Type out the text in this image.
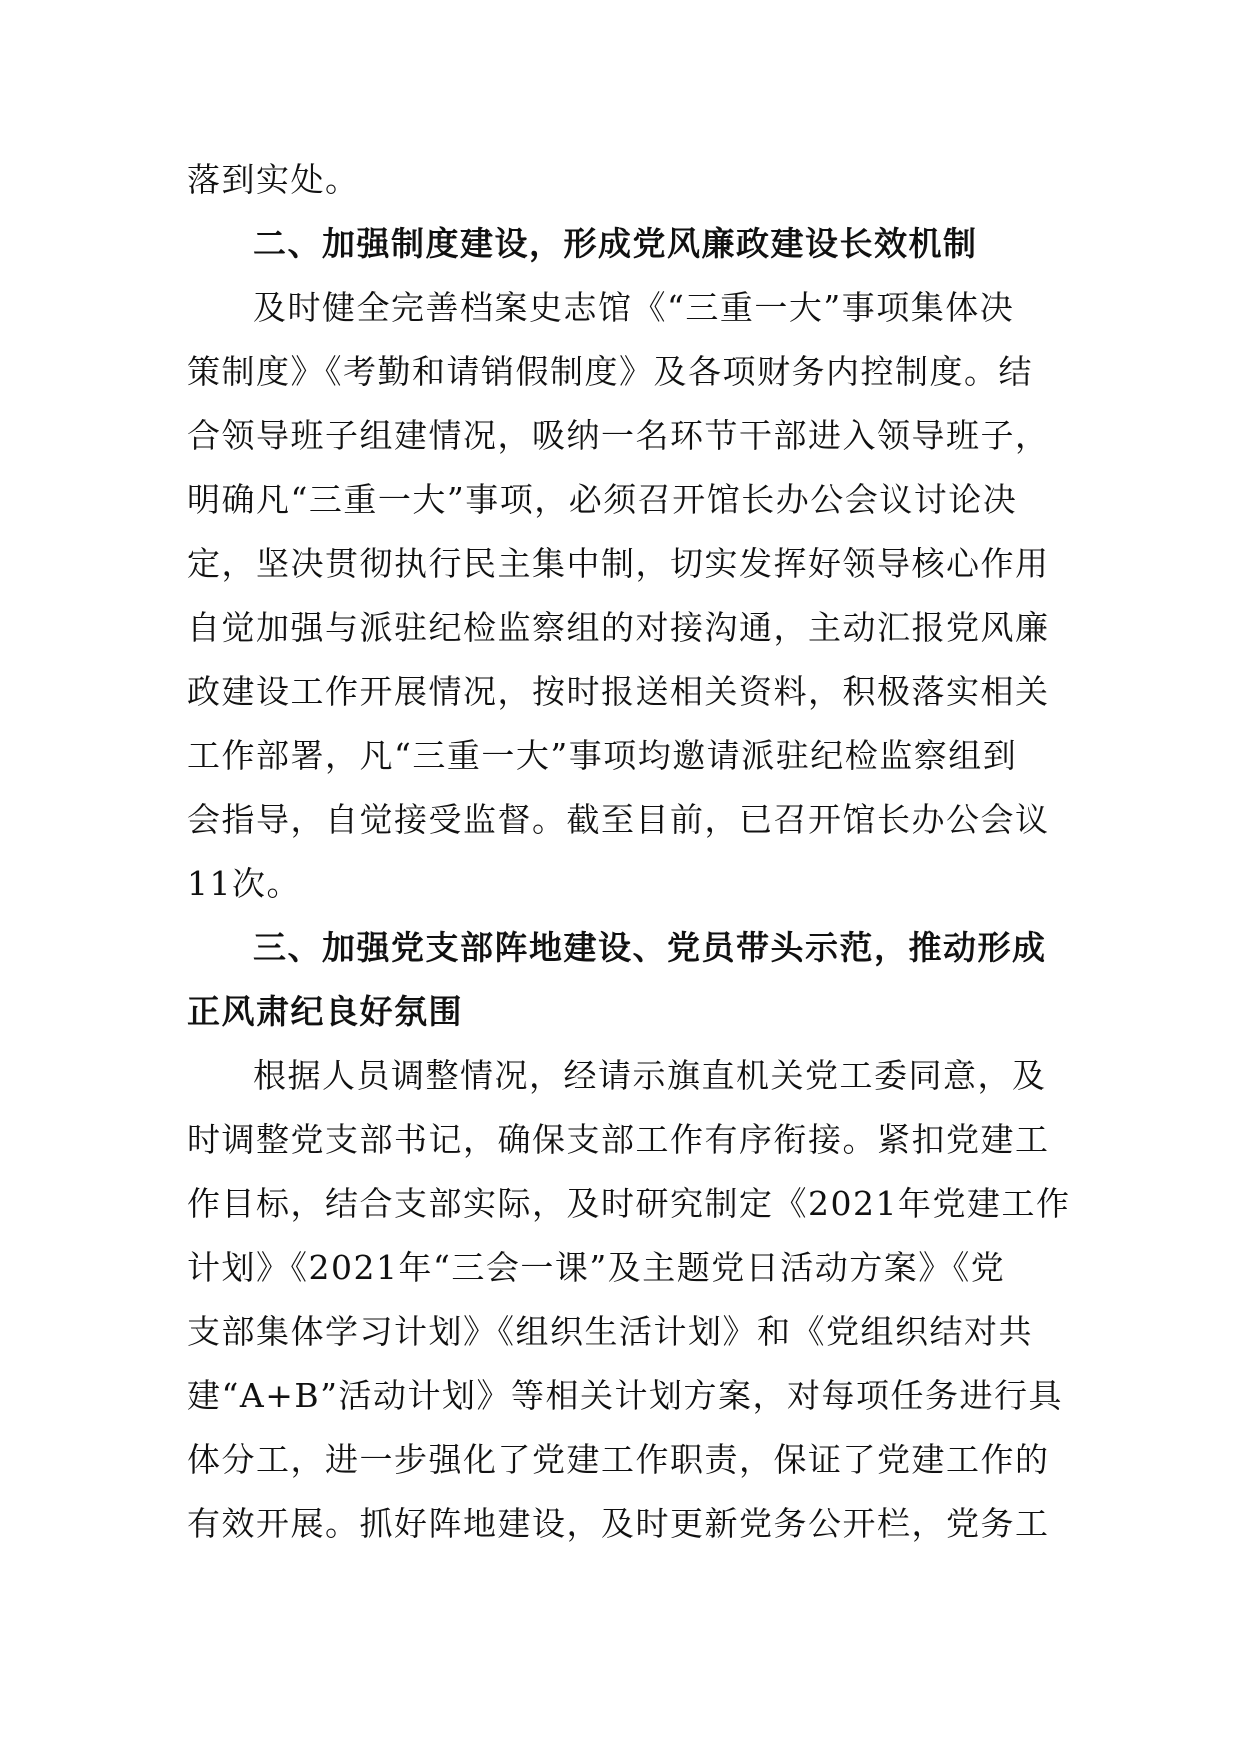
落到实处。
二、加强制度建设，形成党风廉政建设长效机制
及时健全完善档案史志馆《“三重一大”事项集体决
策制度》《考勤和请销假制度》及各项财务内控制度。结
合领导班子组建情况，吸纳一名环节干部进入领导班子，
明确凡“三重一大”事项，必须召开馆长办公会议讨论决
定，坚决贯彻执行民主集中制，切实发挥好领导核心作用
自觉加强与派驻纪检监察组的对接沟通，主动汇报党风廉
政建设工作开展情况，按时报送相关资料，积极落实相关
工作部署，凡“三重一大”事项均邀请派驻纪检监察组到
会指导，自觉接受监督。截至目前，已召开馆长办公会议
11次。
三、加强党支部阵地建设、党员带头示范，推动形成
正风肃纪良好氛围
根据人员调整情况，经请示旗直机关党工委同意，及
时调整党支部书记，确保支部工作有序衔接。紧扣党建工
作目标，结合支部实际，及时研究制定《2021年党建工作
计划》《2021年“三会一课”及主题党日活动方案》《党
支部集体学习计划》《组织生活计划》和《党组织结对共
建“A+B”活动计划》等相关计划方案，对每项任务进行具
体分工，进一步强化了党建工作职责，保证了党建工作的
有效开展。抓好阵地建设，及时更新党务公开栏，党务工
